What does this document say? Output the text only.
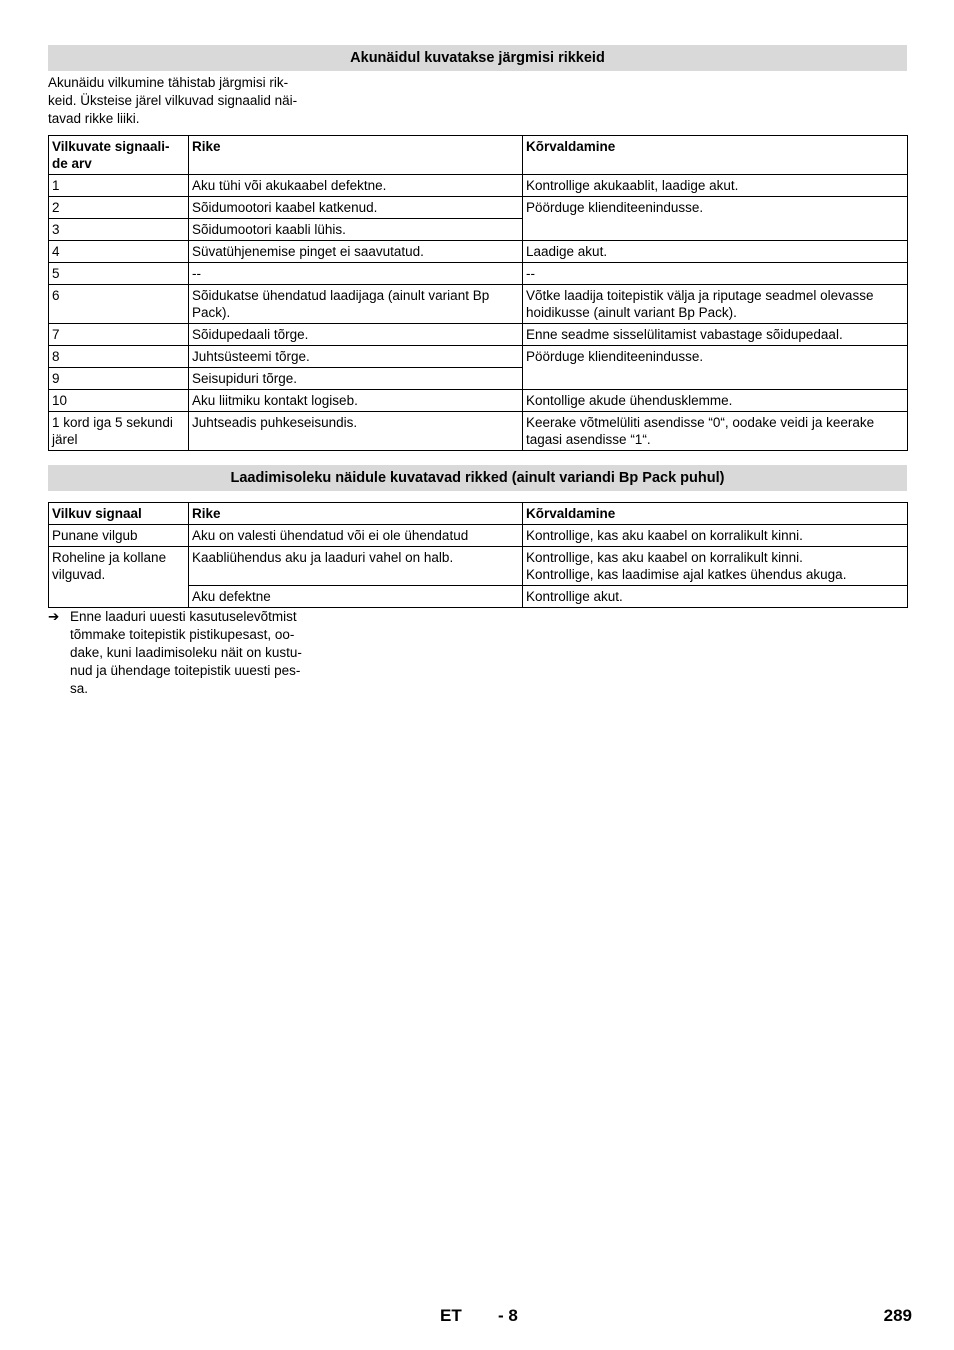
Akunäidul kuvatakse järgmisi rikkeid
Akunäidu vilkumine tähistab järgmisi rik-
keid. Üksteise järel vilkuvad signaalid näi-
tavad rikke liiki.
Vilkuvate signaali-
de arv	Rike	Kõrvaldamine
1	Aku tühi või akukaabel defektne.	Kontrollige akukaablit, laadige akut.
2	Sõidumootori kaabel katkenud.	Pöörduge klienditeenindusse.
3	Sõidumootori kaabli lühis.	
4	Süvatühjenemise pinget ei saavutatud.	Laadige akut.
5	--	--
6	Sõidukatse ühendatud laadijaga (ainult variant Bp Pack).	Võtke laadija toitepistik välja ja riputage seadmel olevasse hoidikusse (ainult variant Bp Pack).
7	Sõidupedaali tõrge.	Enne seadme sisselülitamist vabastage sõidupedaal.
8	Juhtsüsteemi tõrge.	Pöörduge klienditeenindusse.
9	Seisupiduri tõrge.	
10	Aku liitmiku kontakt logiseb.	Kontollige akude ühendusklemme.
1 kord iga 5 sekundi järel	Juhtseadis puhkeseisundis.	Keerake võtmelüliti asendisse “0“, oodake veidi ja keerake tagasi asendisse “1“.
Laadimisoleku näidule kuvatavad rikked (ainult variandi Bp Pack puhul)
Vilkuv signaal	Rike	Kõrvaldamine
Punane vilgub	Aku on valesti ühendatud või ei ole ühendatud	Kontrollige, kas aku kaabel on korralikult kinni.
Roheline ja kollane vilguvad.	Kaabliühendus aku ja laaduri vahel on halb.	Kontrollige, kas aku kaabel on korralikult kinni.
Kontrollige, kas laadimise ajal katkes ühendus akuga.
	Aku defektne	Kontrollige akut.
➔ Enne laaduri uuesti kasutuselevõtmist tõmmake toitepistik pistikupesast, oo-
dake, kuni laadimisoleku näit on kustu-
nud ja ühendage toitepistik uuesti pes-
sa.
ET - 8	289
